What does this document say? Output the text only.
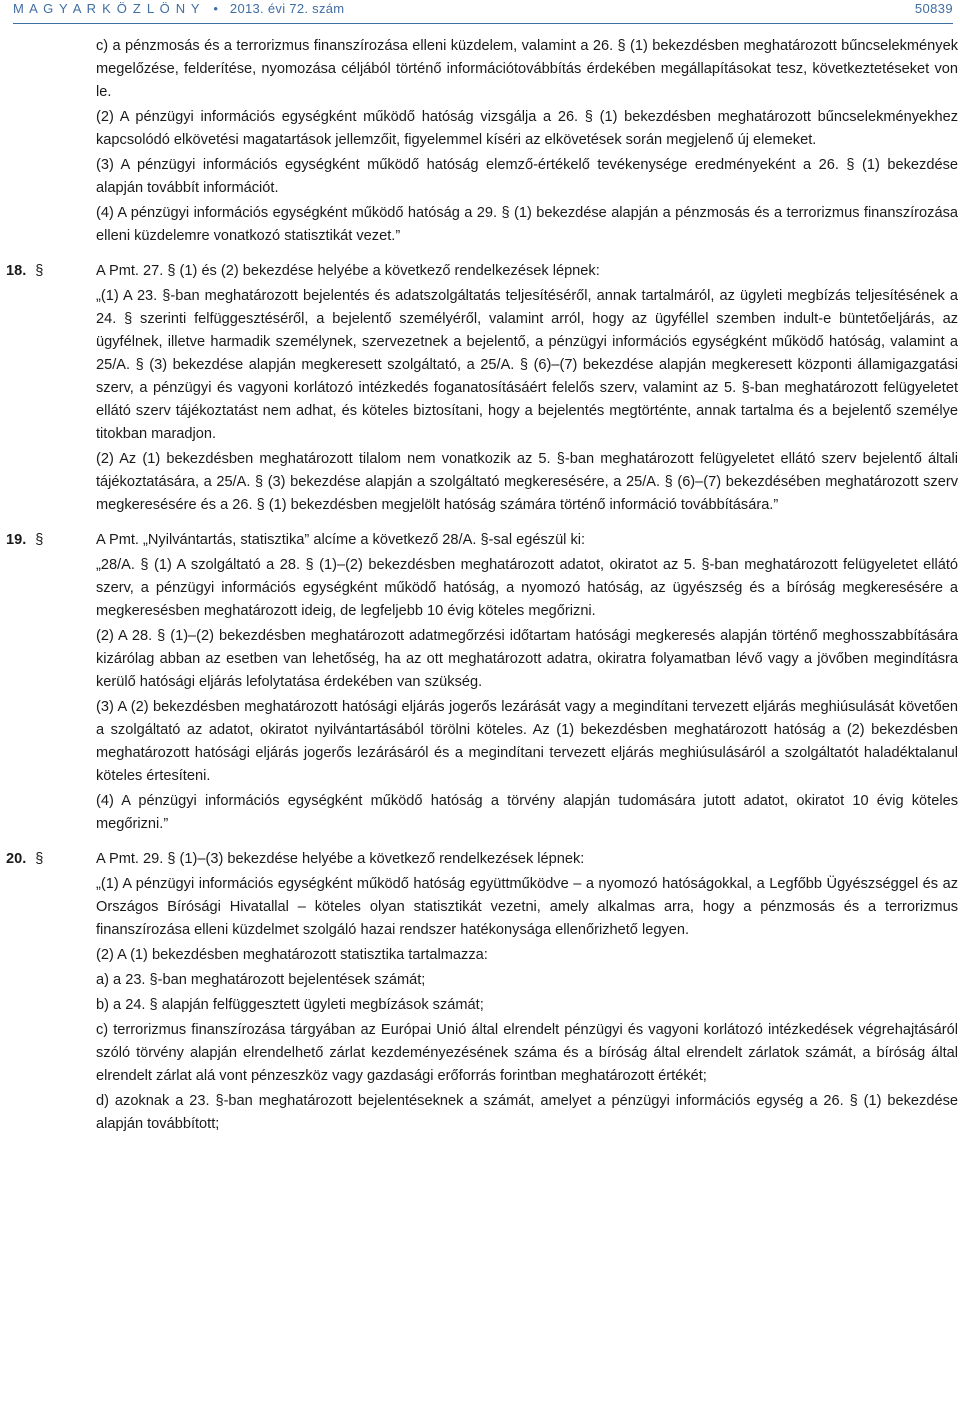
M A G Y A R K Ö Z L Ö N Y • 2013. évi 72. szám	50839

c) a pénzmosás és a terrorizmus finanszírozása elleni küzdelem, valamint a 26. § (1) bekezdésben meghatározott bűncselekmények megelőzése, felderítése, nyomozása céljából történő információtovábbítás érdekében megállapításokat tesz, következtetéseket von le.

(2) A pénzügyi információs egységként működő hatóság vizsgálja a 26. § (1) bekezdésben meghatározott bűncselekményekhez kapcsolódó elkövetési magatartások jellemzőit, figyelemmel kíséri az elkövetések során megjelenő új elemeket.

(3) A pénzügyi információs egységként működő hatóság elemző-értékelő tevékenysége eredményeként a 26. § (1) bekezdése alapján továbbít információt.

(4) A pénzügyi információs egységként működő hatóság a 29. § (1) bekezdése alapján a pénzmosás és a terrorizmus finanszírozása elleni küzdelemre vonatkozó statisztikát vezet.”

18. §	A Pmt. 27. § (1) és (2) bekezdése helyébe a következő rendelkezések lépnek:

„(1) A 23. §-ban meghatározott bejelentés és adatszolgáltatás teljesítéséről, annak tartalmáról, az ügyleti megbízás teljesítésének a 24. § szerinti felfüggesztéséről, a bejelentő személyéről, valamint arról, hogy az ügyféllel szemben indult-e büntetőeljárás, az ügyfélnek, illetve harmadik személynek, szervezetnek a bejelentő, a pénzügyi információs egységként működő hatóság, valamint a 25/A. § (3) bekezdése alapján megkeresett szolgáltató, a 25/A. § (6)–(7) bekezdése alapján megkeresett központi államigazgatási szerv, a pénzügyi és vagyoni korlátozó intézkedés foganatosításáért felelős szerv, valamint az 5. §-ban meghatározott felügyeletet ellátó szerv tájékoztatást nem adhat, és köteles biztosítani, hogy a bejelentés megtörténte, annak tartalma és a bejelentő személye titokban maradjon.

(2) Az (1) bekezdésben meghatározott tilalom nem vonatkozik az 5. §-ban meghatározott felügyeletet ellátó szerv bejelentő általi tájékoztatására, a 25/A. § (3) bekezdése alapján a szolgáltató megkeresésére, a 25/A. § (6)–(7) bekezdésében meghatározott szerv megkeresésére és a 26. § (1) bekezdésben megjelölt hatóság számára történő információ továbbítására.”

19. §	A Pmt. „Nyilvántartás, statisztika” alcíme a következő 28/A. §-sal egészül ki:

„28/A. § (1) A szolgáltató a 28. § (1)–(2) bekezdésben meghatározott adatot, okiratot az 5. §-ban meghatározott felügyeletet ellátó szerv, a pénzügyi információs egységként működő hatóság, a nyomozó hatóság, az ügyészség és a bíróság megkeresésére a megkeresésben meghatározott ideig, de legfeljebb 10 évig köteles megőrizni.

(2) A 28. § (1)–(2) bekezdésben meghatározott adatmegőrzési időtartam hatósági megkeresés alapján történő meghosszabbítására kizárólag abban az esetben van lehetőség, ha az ott meghatározott adatra, okiratra folyamatban lévő vagy a jövőben megindításra kerülő hatósági eljárás lefolytatása érdekében van szükség.

(3) A (2) bekezdésben meghatározott hatósági eljárás jogerős lezárását vagy a megindítani tervezett eljárás meghiúsulását követően a szolgáltató az adatot, okiratot nyilvántartásából törölni köteles. Az (1) bekezdésben meghatározott hatóság a (2) bekezdésben meghatározott hatósági eljárás jogerős lezárásáról és a megindítani tervezett eljárás meghiúsulásáról a szolgáltatót haladéktalanul köteles értesíteni.

(4) A pénzügyi információs egységként működő hatóság a törvény alapján tudomására jutott adatot, okiratot 10 évig köteles megőrizni.”

20. §	A Pmt. 29. § (1)–(3) bekezdése helyébe a következő rendelkezések lépnek:

„(1) A pénzügyi információs egységként működő hatóság együttműködve – a nyomozó hatóságokkal, a Legfőbb Ügyészséggel és az Országos Bírósági Hivatallal – köteles olyan statisztikát vezetni, amely alkalmas arra, hogy a pénzmosás és a terrorizmus finanszírozása elleni küzdelmet szolgáló hazai rendszer hatékonysága ellenőrizhető legyen.

(2) A (1) bekezdésben meghatározott statisztika tartalmazza:

a) a 23. §-ban meghatározott bejelentések számát;

b) a 24. § alapján felfüggesztett ügyleti megbízások számát;

c) terrorizmus finanszírozása tárgyában az Európai Unió által elrendelt pénzügyi és vagyoni korlátozó intézkedések végrehajtásáról szóló törvény alapján elrendelhető zárlat kezdeményezésének száma és a bíróság által elrendelt zárlatok számát, a bíróság által elrendelt zárlat alá vont pénzeszköz vagy gazdasági erőforrás forintban meghatározott értékét;

d) azoknak a 23. §-ban meghatározott bejelentéseknek a számát, amelyet a pénzügyi információs egység a 26. § (1) bekezdése alapján továbbított;
